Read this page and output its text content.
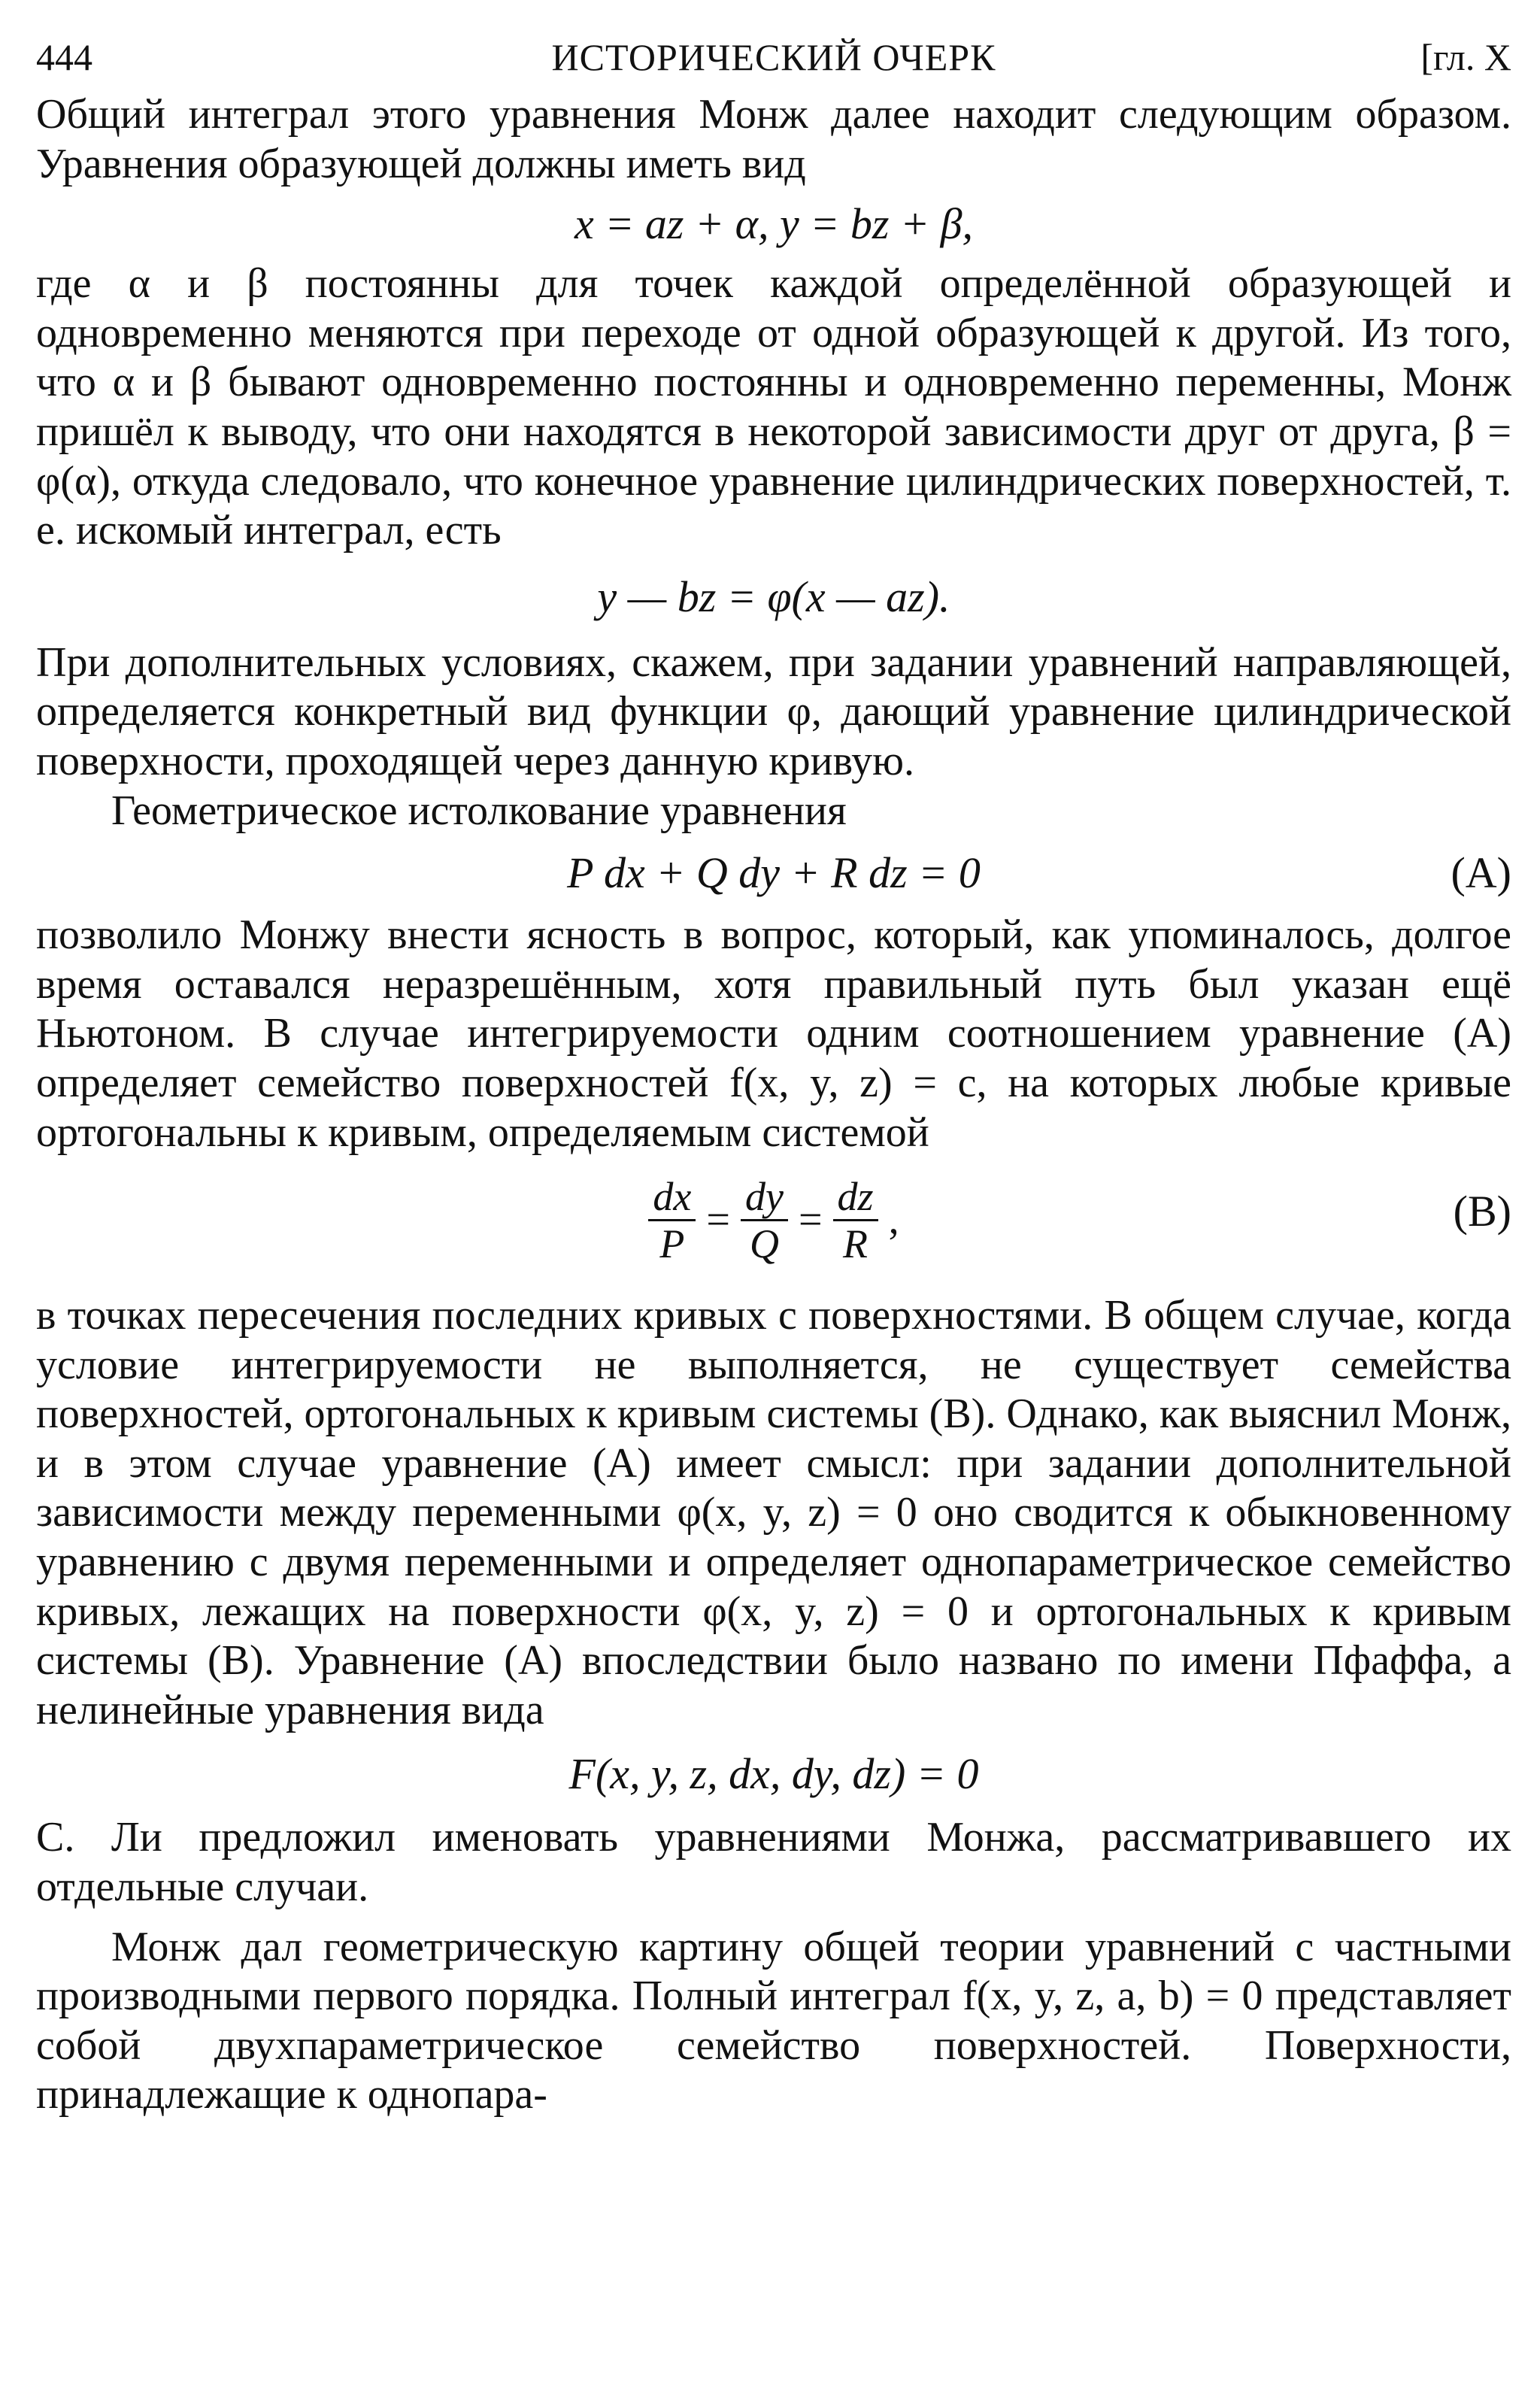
444	ИСТОРИЧЕСКИЙ ОЧЕРК	[гл. X

Общий интеграл этого уравнения Монж далее находит следующим образом. Уравнения образующей должны иметь вид

x = az + α, y = bz + β,

где α и β постоянны для точек каждой определённой образующей и одновременно меняются при переходе от одной образующей к другой. Из того, что α и β бывают одновременно постоянны и одновременно переменны, Монж пришёл к выводу, что они находятся в некоторой зависимости друг от друга, β = φ(α), откуда следовало, что конечное уравнение цилиндрических поверхностей, т. е. искомый интеграл, есть

y — bz = φ(x — az).

При дополнительных условиях, скажем, при задании уравнений направляющей, определяется конкретный вид функции φ, дающий уравнение цилиндрической поверхности, проходящей через данную кривую.

Геометрическое истолкование уравнения

P dx + Q dy + R dz = 0	(A)

позволило Монжу внести ясность в вопрос, который, как упоминалось, долгое время оставался неразрешённым, хотя правильный путь был указан ещё Ньютоном. В случае интегрируемости одним соотношением уравнение (A) определяет семейство поверхностей f(x, y, z) = c, на которых любые кривые ортогональны к кривым, определяемым системой

$\frac{dx}{P} = \frac{dy}{Q} = \frac{dz}{R}$ ,	(B)

в точках пересечения последних кривых с поверхностями. В общем случае, когда условие интегрируемости не выполняется, не существует семейства поверхностей, ортогональных к кривым системы (B). Однако, как выяснил Монж, и в этом случае уравнение (A) имеет смысл: при задании дополнительной зависимости между переменными φ(x, y, z) = 0 оно сводится к обыкновенному уравнению с двумя переменными и определяет однопараметрическое семейство кривых, лежащих на поверхности φ(x, y, z) = 0 и ортогональных к кривым системы (B). Уравнение (A) впоследствии было названо по имени Пфаффа, а нелинейные уравнения вида

F(x, y, z, dx, dy, dz) = 0

С. Ли предложил именовать уравнениями Монжа, рассматривавшего их отдельные случаи.

Монж дал геометрическую картину общей теории уравнений с частными производными первого порядка. Полный интеграл f(x, y, z, a, b) = 0 представляет собой двухпараметрическое семейство поверхностей. Поверхности, принадлежащие к однопара-
